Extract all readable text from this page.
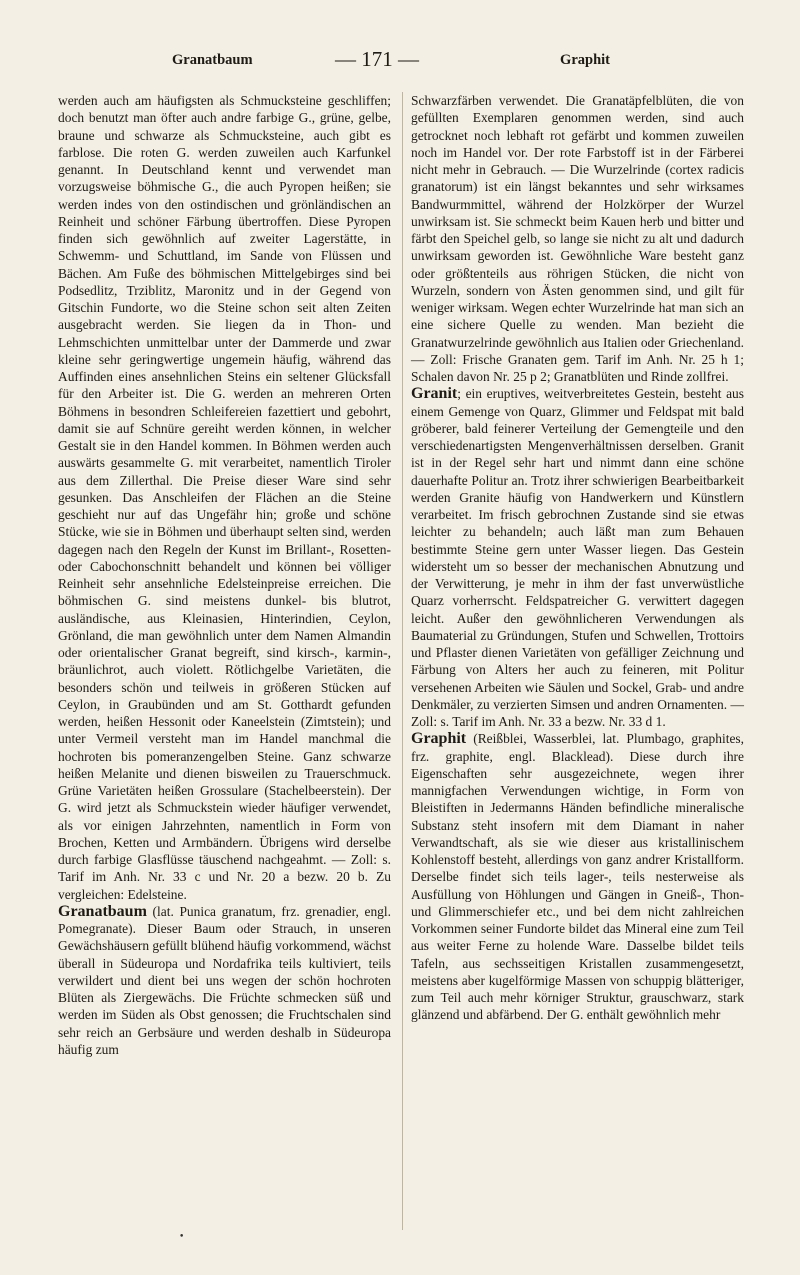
Granatbaum	— 171 —	Graphit

werden auch am häufigsten als Schmucksteine geschliffen; doch benutzt man öfter auch andre farbige G., grüne, gelbe, braune und schwarze als Schmucksteine, auch gibt es farblose. Die roten G. werden zuweilen auch Karfunkel genannt. In Deutschland kennt und verwendet man vorzugsweise böhmische G., die auch Pyropen heißen; sie werden indes von den ostindischen und grönländischen an Reinheit und schöner Färbung übertroffen. Diese Pyropen finden sich gewöhnlich auf zweiter Lagerstätte, in Schwemm- und Schuttland, im Sande von Flüssen und Bächen. Am Fuße des böhmischen Mittelgebirges sind bei Podsedlitz, Trziblitz, Maronitz und in der Gegend von Gitschin Fundorte, wo die Steine schon seit alten Zeiten ausgebracht werden. Sie liegen da in Thon- und Lehmschichten unmittelbar unter der Dammerde und zwar kleine sehr geringwertige ungemein häufig, während das Auffinden eines ansehnlichen Steins ein seltener Glücksfall für den Arbeiter ist. Die G. werden an mehreren Orten Böhmens in besondren Schleifereien fazettiert und gebohrt, damit sie auf Schnüre gereiht werden können, in welcher Gestalt sie in den Handel kommen. In Böhmen werden auch auswärts gesammelte G. mit verarbeitet, namentlich Tiroler aus dem Zillerthal. Die Preise dieser Ware sind sehr gesunken. Das Anschleifen der Flächen an die Steine geschieht nur auf das Ungefähr hin; große und schöne Stücke, wie sie in Böhmen und überhaupt selten sind, werden dagegen nach den Regeln der Kunst im Brillant-, Rosetten- oder Cabochonschnitt behandelt und können bei völliger Reinheit sehr ansehnliche Edelsteinpreise erreichen. Die böhmischen G. sind meistens dunkel- bis blutrot, ausländische, aus Kleinasien, Hinterindien, Ceylon, Grönland, die man gewöhnlich unter dem Namen Almandin oder orientalischer Granat begreift, sind kirsch-, karmin-, bräunlichrot, auch violett. Rötlichgelbe Varietäten, die besonders schön und teilweis in größeren Stücken auf Ceylon, in Graubünden und am St. Gotthardt gefunden werden, heißen Hessonit oder Kaneelstein (Zimtstein); und unter Vermeil versteht man im Handel manchmal die hochroten bis pomeranzengelben Steine. Ganz schwarze heißen Melanite und dienen bisweilen zu Trauerschmuck. Grüne Varietäten heißen Grossulare (Stachelbeerstein). Der G. wird jetzt als Schmuckstein wieder häufiger verwendet, als vor einigen Jahrzehnten, namentlich in Form von Brochen, Ketten und Armbändern. Übrigens wird derselbe durch farbige Glasflüsse täuschend nachgeahmt. — Zoll: s. Tarif im Anh. Nr. 33 c und Nr. 20 a bezw. 20 b. Zu vergleichen: Edelsteine.

Granatbaum (lat. Punica granatum, frz. grenadier, engl. Pomegranate). Dieser Baum oder Strauch, in unseren Gewächshäusern gefüllt blühend häufig vorkommend, wächst überall in Südeuropa und Nordafrika teils kultiviert, teils verwildert und dient bei uns wegen der schön hochroten Blüten als Ziergewächs. Die Früchte schmecken süß und werden im Süden als Obst genossen; die Fruchtschalen sind sehr reich an Gerbsäure und werden deshalb in Südeuropa häufig zum

Schwarzfärben verwendet. Die Granatäpfelblüten, die von gefüllten Exemplaren genommen werden, sind auch getrocknet noch lebhaft rot gefärbt und kommen zuweilen noch im Handel vor. Der rote Farbstoff ist in der Färberei nicht mehr in Gebrauch. — Die Wurzelrinde (cortex radicis granatorum) ist ein längst bekanntes und sehr wirksames Bandwurmmittel, während der Holzkörper der Wurzel unwirksam ist. Sie schmeckt beim Kauen herb und bitter und färbt den Speichel gelb, so lange sie nicht zu alt und dadurch unwirksam geworden ist. Gewöhnliche Ware besteht ganz oder größtenteils aus röhrigen Stücken, die nicht von Wurzeln, sondern von Ästen genommen sind, und gilt für weniger wirksam. Wegen echter Wurzelrinde hat man sich an eine sichere Quelle zu wenden. Man bezieht die Granatwurzelrinde gewöhnlich aus Italien oder Griechenland. — Zoll: Frische Granaten gem. Tarif im Anh. Nr. 25 h 1; Schalen davon Nr. 25 p 2; Granatblüten und Rinde zollfrei.

Granit; ein eruptives, weitverbreitetes Gestein, besteht aus einem Gemenge von Quarz, Glimmer und Feldspat mit bald gröberer, bald feinerer Verteilung der Gemengteile und den verschiedenartigsten Mengenverhältnissen derselben. Granit ist in der Regel sehr hart und nimmt dann eine schöne dauerhafte Politur an. Trotz ihrer schwierigen Bearbeitbarkeit werden Granite häufig von Handwerkern und Künstlern verarbeitet. Im frisch gebrochnen Zustande sind sie etwas leichter zu behandeln; auch läßt man zum Behauen bestimmte Steine gern unter Wasser liegen. Das Gestein widersteht um so besser der mechanischen Abnutzung und der Verwitterung, je mehr in ihm der fast unverwüstliche Quarz vorherrscht. Feldspatreicher G. verwittert dagegen leicht. Außer den gewöhnlicheren Verwendungen als Baumaterial zu Gründungen, Stufen und Schwellen, Trottoirs und Pflaster dienen Varietäten von gefälliger Zeichnung und Färbung von Alters her auch zu feineren, mit Politur versehenen Arbeiten wie Säulen und Sockel, Grab- und andre Denkmäler, zu verzierten Simsen und andren Ornamenten. — Zoll: s. Tarif im Anh. Nr. 33 a bezw. Nr. 33 d 1.

Graphit (Reißblei, Wasserblei, lat. Plumbago, graphites, frz. graphite, engl. Blacklead). Diese durch ihre Eigenschaften sehr ausgezeichnete, wegen ihrer mannigfachen Verwendungen wichtige, in Form von Bleistiften in Jedermanns Händen befindliche mineralische Substanz steht insofern mit dem Diamant in naher Verwandtschaft, als sie wie dieser aus kristallinischem Kohlenstoff besteht, allerdings von ganz andrer Kristallform. Derselbe findet sich teils lager-, teils nesterweise als Ausfüllung von Höhlungen und Gängen in Gneiß-, Thon- und Glimmerschiefer etc., und bei dem nicht zahlreichen Vorkommen seiner Fundorte bildet das Mineral eine zum Teil aus weiter Ferne zu holende Ware. Dasselbe bildet teils Tafeln, aus sechsseitigen Kristallen zusammengesetzt, meistens aber kugelförmige Massen von schuppig blätteriger, zum Teil auch mehr körniger Struktur, grauschwarz, stark glänzend und abfärbend. Der G. enthält gewöhnlich mehr

•
